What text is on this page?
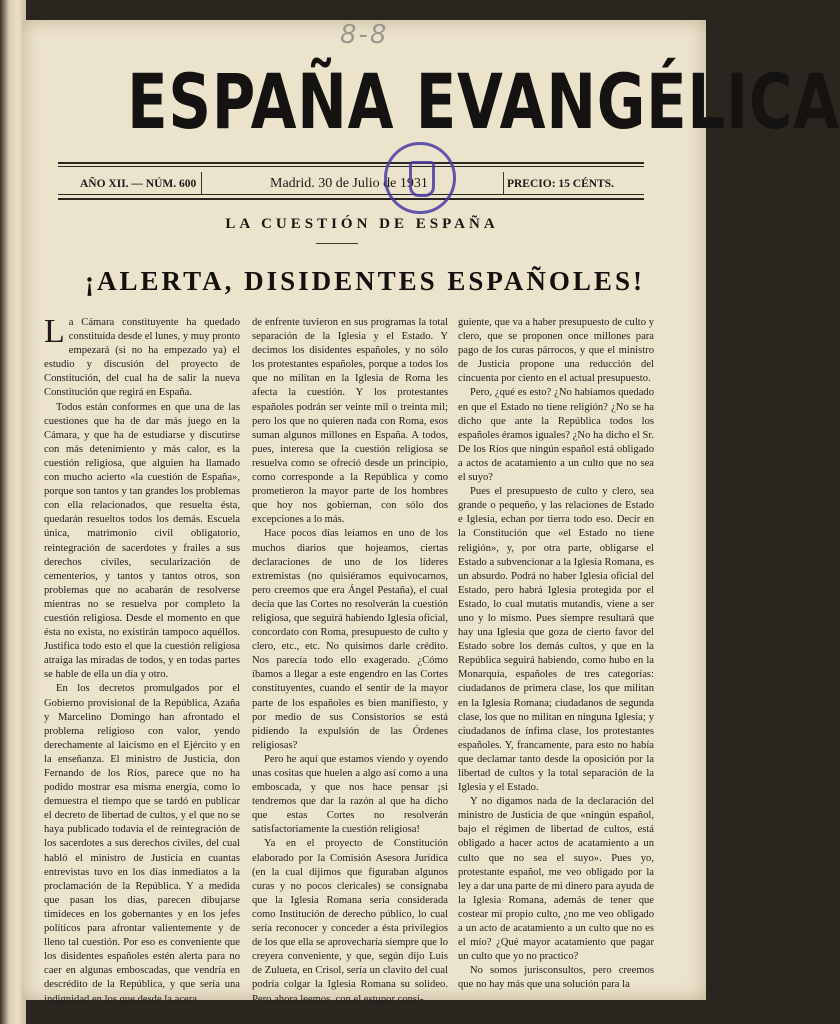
8-8
ESPAÑA EVANGÉLICA
AÑO XII. — NÚM. 600	Madrid. 30 de Julio de 1931	PRECIO: 15 CÉNTS.
LA CUESTIÓN DE ESPAÑA
¡ALERTA, DISIDENTES ESPAÑOLES!

La Cámara constituyente ha quedado constituída desde el lunes, y muy pronto empezará (si no ha empezado ya) el estudio y discusión del proyecto de Constitución, del cual ha de salir la nueva Constitución que regirá en España.

Todos están conformes en que una de las cuestiones que ha de dar más juego en la Cámara, y que ha de estudiarse y discutirse con más detenimiento y más calor, es la cuestión religiosa, que alguien ha llamado con mucho acierto «la cuestión de España», porque son tantos y tan grandes los problemas con ella relacionados, que resuelta ésta, quedarán resueltos todos los demás. Escuela única, matrimonio civil obligatorio, reintegración de sacerdotes y frailes a sus derechos civiles, secularización de cementerios, y tantos y tantos otros, son problemas que no acabarán de resolverse mientras no se resuelva por completo la cuestión religiosa. Desde el momento en que ésta no exista, no existirán tampoco aquéllos. Justifica todo esto el que la cuestión religiosa atraiga las miradas de todos, y en todas partes se hable de ella un día y otro.

En los decretos promulgados por el Gobierno provisional de la República, Azaña y Marcelino Domingo han afrontado el problema religioso con valor, yendo derechamente al laicismo en el Ejército y en la enseñanza. El ministro de Justicia, don Fernando de los Ríos, parece que no ha podido mostrar esa misma energía, como lo demuestra el tiempo que se tardó en publicar el decreto de libertad de cultos, y el que no se haya publicado todavía el de reintegración de los sacerdotes a sus derechos civiles, del cual habló el ministro de Justicia en cuantas entrevistas tuvo en los días inmediatos a la proclamación de la República. Y a medida que pasan los días, parecen dibujarse timideces en los gobernantes y en los jefes políticos para afrontar valientemente y de lleno tal cuestión. Por eso es conveniente que los disidentes españoles estén alerta para no caer en algunas emboscadas, que vendría en descrédito de la República, y que sería una indignidad en los que desde la acera

de enfrente tuvieron en sus programas la total separación de la Iglesia y el Estado. Y decimos los disidentes españoles, y no sólo los protestantes españoles, porque a todos los que no militan en la Iglesia de Roma les afecta la cuestión. Y los protestantes españoles podrán ser veinte mil o treinta mil; pero los que no quieren nada con Roma, esos suman algunos millones en España. A todos, pues, interesa que la cuestión religiosa se resuelva como se ofreció desde un principio, como corresponde a la República y como prometieron la mayor parte de los hombres que hoy nos gobiernan, con sólo dos excepciones a lo más.

Hace pocos días leíamos en uno de los muchos diarios que hojeamos, ciertas declaraciones de uno de los líderes extremistas (no quisiéramos equivocarnos, pero creemos que era Ángel Pestaña), el cual decía que las Cortes no resolverán la cuestión religiosa, que seguirá habiendo Iglesia oficial, concordato con Roma, presupuesto de culto y clero, etc., etc. No quisimos darle crédito. Nos parecía todo ello exagerado. ¿Cómo íbamos a llegar a este engendro en las Cortes constituyentes, cuando el sentir de la mayor parte de los españoles es bien manifiesto, y por medio de sus Consistorios se está pidiendo la expulsión de las Órdenes religiosas?

Pero he aquí que estamos viendo y oyendo unas cositas que huelen a algo así como a una emboscada, y que nos hace pensar ¡si tendremos que dar la razón al que ha dicho que estas Cortes no resolverán satisfactoriamente la cuestión religiosa!

Ya en el proyecto de Constitución elaborado por la Comisión Asesora Jurídica (en la cual dijimos que figuraban algunos curas y no pocos clericales) se consignaba que la Iglesia Romana sería considerada como Institución de derecho público, lo cual sería reconocer y conceder a ésta privilegios de los que ella se aprovecharía siempre que lo creyera conveniente, y que, según dijo Luis de Zulueta, en Crisol, sería un clavito del cual podría colgar la Iglesia Romana su solideo. Pero ahora leemos, con el estupor consi-

guiente, que va a haber presupuesto de culto y clero, que se proponen once millones para pago de los curas párrocos, y que el ministro de Justicia propone una reducción del cincuenta por ciento en el actual presupuesto.

Pero, ¿qué es esto? ¿No habíamos quedado en que el Estado no tiene religión? ¿No se ha dicho que ante la República todos los españoles éramos iguales? ¿No ha dicho el Sr. De los Ríos que ningún español está obligado a actos de acatamiento a un culto que no sea el suyo?

Pues el presupuesto de culto y clero, sea grande o pequeño, y las relaciones de Estado e Iglesia, echan por tierra todo eso. Decir en la Constitución que «el Estado no tiene religión», y, por otra parte, obligarse el Estado a subvencionar a la Iglesia Romana, es un absurdo. Podrá no haber Iglesia oficial del Estado, pero habrá Iglesia protegida por el Estado, lo cual mutatis mutandis, viene a ser uno y lo mismo. Pues siempre resultará que hay una Iglesia que goza de cierto favor del Estado sobre los demás cultos, y que en la República seguirá habiendo, como hubo en la Monarquía, españoles de tres categorías: ciudadanos de primera clase, los que militan en la Iglesia Romana; ciudadanos de segunda clase, los que no militan en ninguna Iglesia; y ciudadanos de ínfima clase, los protestantes españoles. Y, francamente, para esto no había que declamar tanto desde la oposición por la libertad de cultos y la total separación de la Iglesia y el Estado.

Y no digamos nada de la declaración del ministro de Justicia de que «ningún español, bajo el régimen de libertad de cultos, está obligado a hacer actos de acatamiento a un culto que no sea el suyo». Pues yo, protestante español, me veo obligado por la ley a dar una parte de mi dinero para ayuda de la Iglesia Romana, además de tener que costear mi propio culto, ¿no me veo obligado a un acto de acatamiento a un culto que no es el mío? ¿Qué mayor acatamiento que pagar un culto que yo no practico?

No somos jurisconsultos, pero creemos que no hay más que una solución para la
